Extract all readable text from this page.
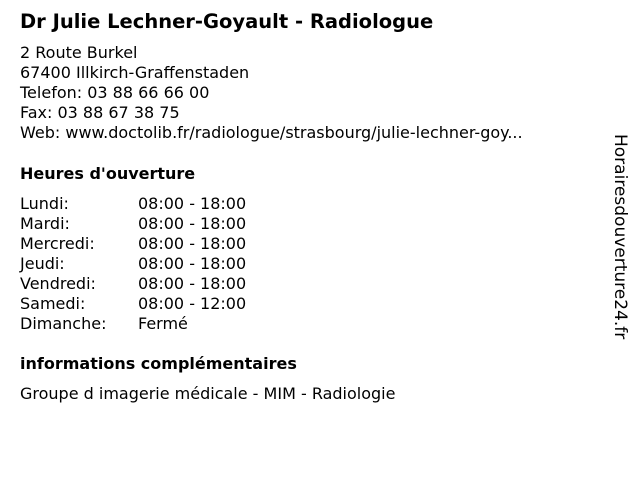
Dr Julie Lechner-Goyault - Radiologue
2 Route Burkel
67400 Illkirch-Graffenstaden
Telefon: 03 88 66 66 00
Fax: 03 88 67 38 75
Web: www.doctolib.fr/radiologue/strasbourg/julie-lechner-goy...
Heures d'ouverture
Lundi:	08:00 - 18:00
Mardi:	08:00 - 18:00
Mercredi:	08:00 - 18:00
Jeudi:	08:00 - 18:00
Vendredi:	08:00 - 18:00
Samedi:	08:00 - 12:00
Dimanche: Fermé
informations complémentaires
Groupe d imagerie médicale - MIM - Radiologie
Horairesdouverture24.fr
